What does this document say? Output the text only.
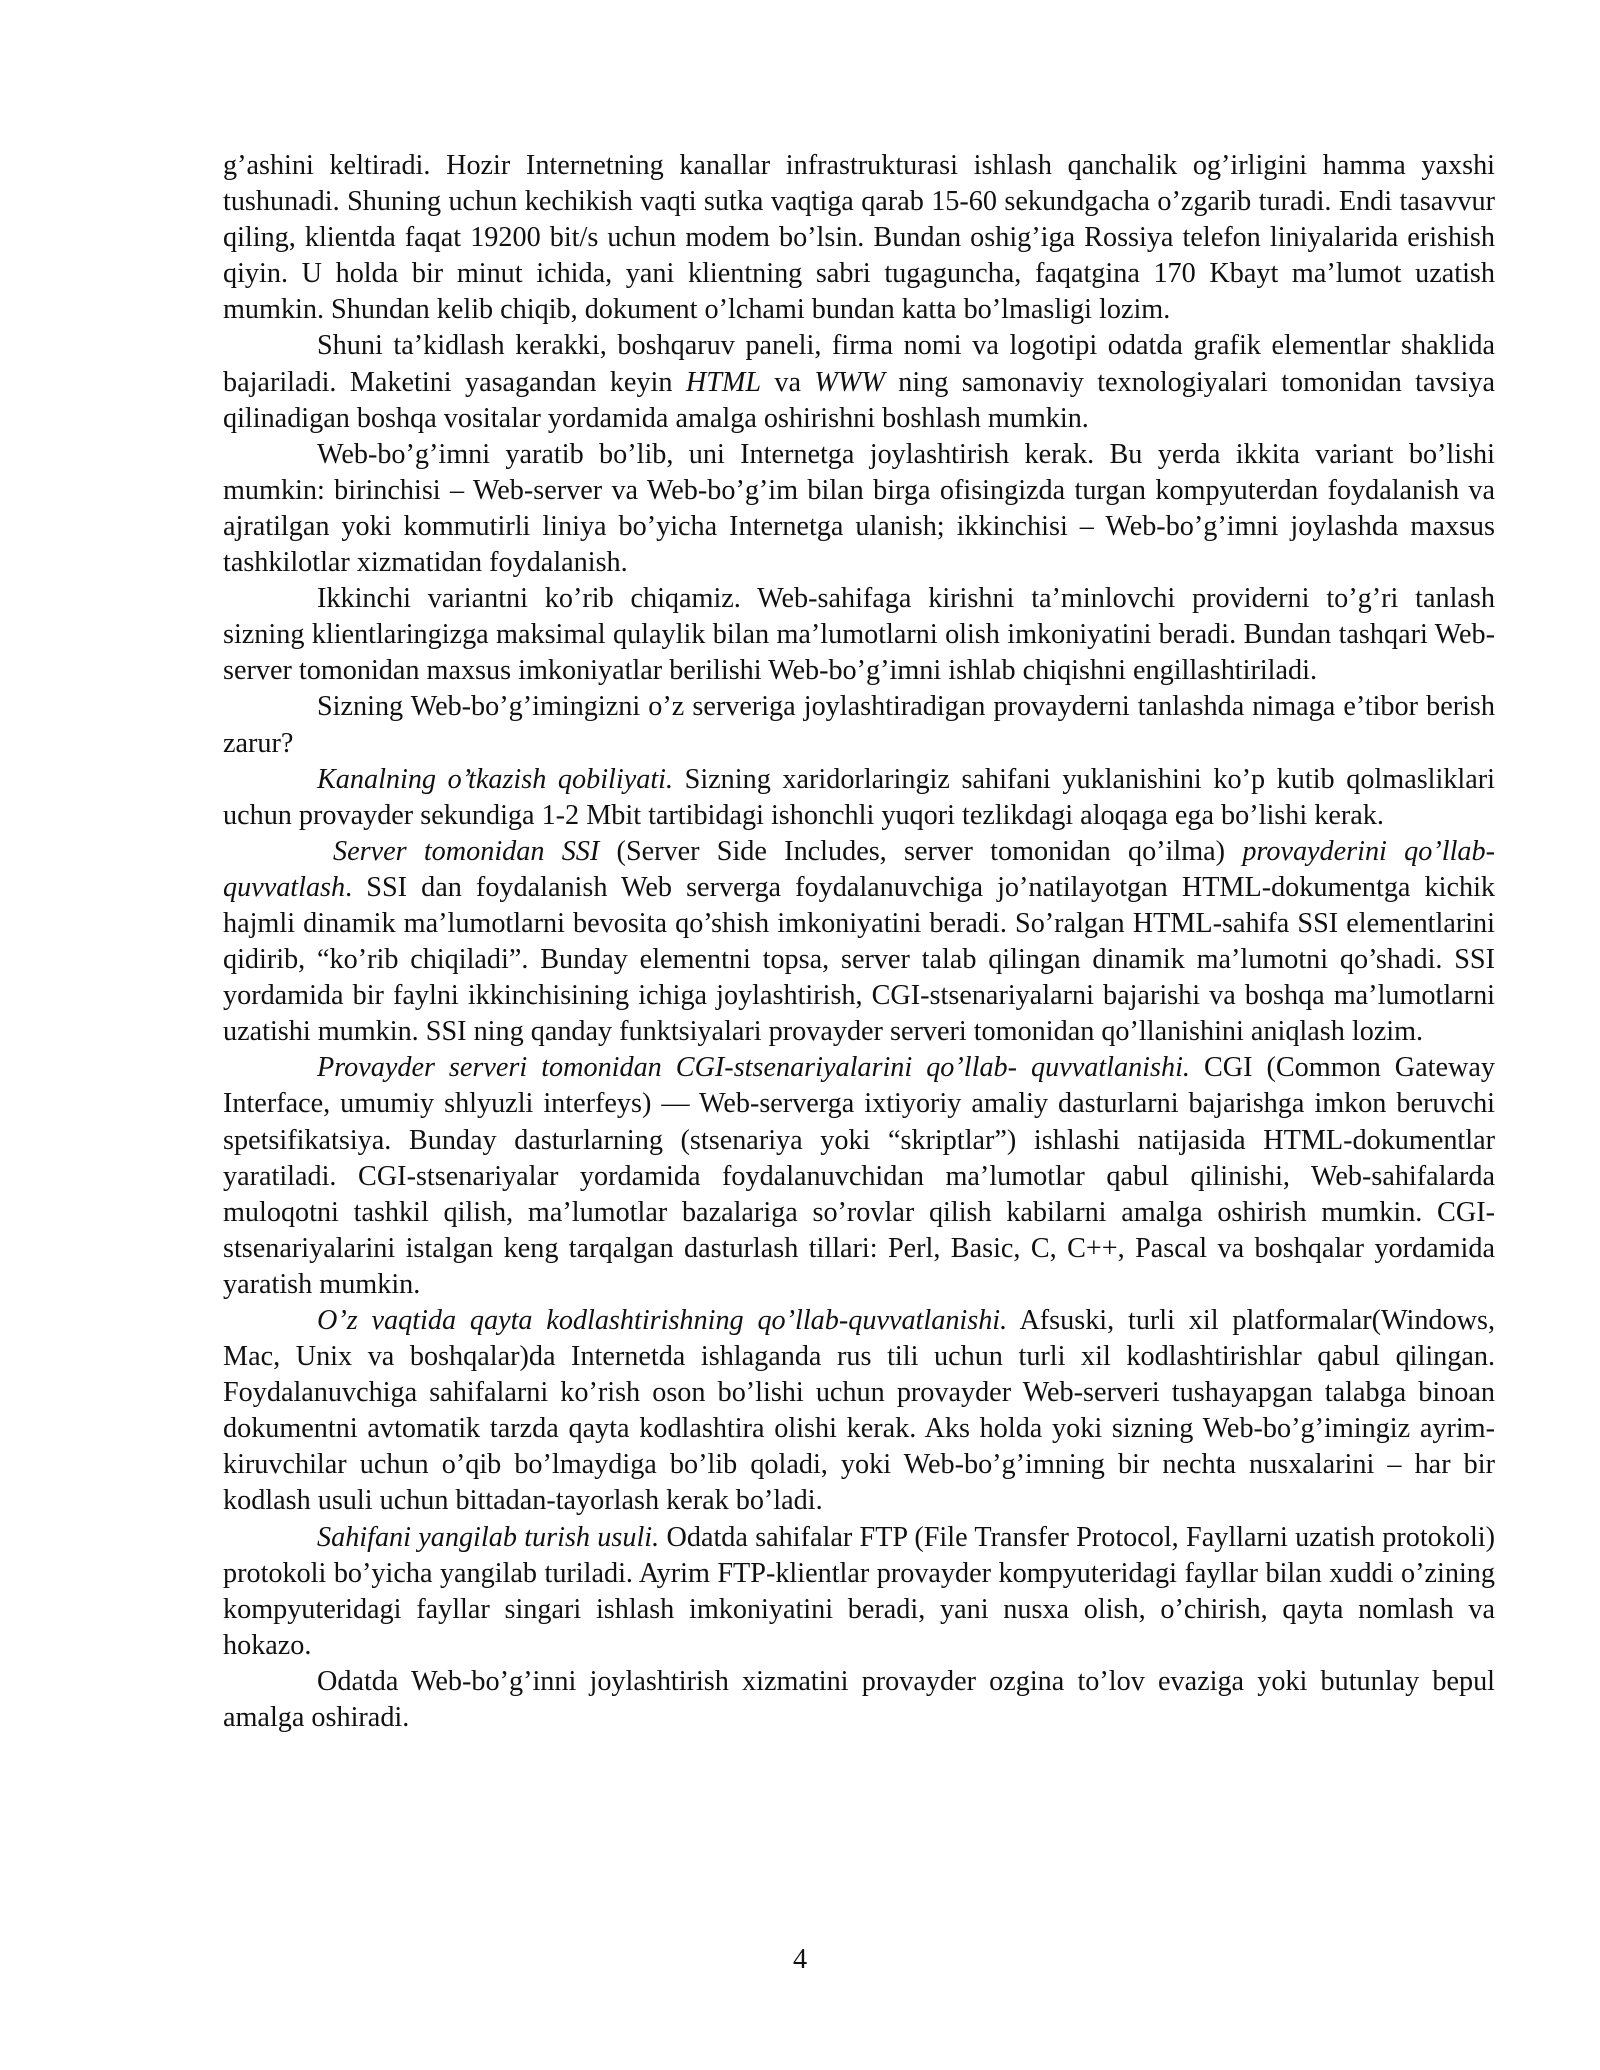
g’ashini keltiradi. Hozir Internetning kanallar infrastrukturasi ishlash qanchalik og’irligini hamma yaxshi tushunadi. Shuning uchun kechikish vaqti sutka vaqtiga qarab 15-60 sekundgacha o’zgarib turadi. Endi tasavvur qiling, klientda faqat 19200 bit/s uchun modem bo’lsin. Bundan oshig’iga Rossiya telefon liniyalarida erishish qiyin. U holda bir minut ichida, yani klientning sabri tugaguncha, faqatgina 170 Kbayt ma’lumot uzatish mumkin. Shundan kelib chiqib, dokument o’lchami bundan katta bo’lmasligi lozim.

Shuni ta’kidlash kerakki, boshqaruv paneli, firma nomi va logotipi odatda grafik elementlar shaklida bajariladi. Maketini yasagandan keyin HTML va WWW ning samonaviy texnologiyalari tomonidan tavsiya qilinadigan boshqa vositalar yordamida amalga oshirishni boshlash mumkin.

Web-bo’g’imni yaratib bo’lib, uni Internetga joylashtirish kerak. Bu yerda ikkita variant bo’lishi mumkin: birinchisi – Web-server va Web-bo’g’im bilan birga ofisingizda turgan kompyuterdan foydalanish va ajratilgan yoki kommutirli liniya bo’yicha Internetga ulanish; ikkinchisi – Web-bo’g’imni joylashda maxsus tashkilotlar xizmatidan foydalanish.

Ikkinchi variantni ko’rib chiqamiz. Web-sahifaga kirishni ta’minlovchi providerni to’g’ri tanlash sizning klientlaringizga maksimal qulaylik bilan ma’lumotlarni olish imkoniyatini beradi. Bundan tashqari Web-server tomonidan maxsus imkoniyatlar berilishi Web-bo’g’imni ishlab chiqishni engillashtiriladi.

Sizning Web-bo’g’imingizni o’z serveriga joylashtiradigan provayderni tanlashda nimaga e’tibor berish zarur?

Kanalning o’tkazish qobiliyati. Sizning xaridorlaringiz sahifani yuklanishini ko’p kutib qolmasliklari uchun provayder sekundiga 1-2 Mbit tartibidagi ishonchli yuqori tezlikdagi aloqaga ega bo’lishi kerak.

Server tomonidan SSI (Server Side Includes, server tomonidan qo’ilma) provayderini qo’llab-quvvatlash. SSI dan foydalanish Web serverga foydalanuvchiga jo’natilayotgan HTML-dokumentga kichik hajmli dinamik ma’lumotlarni bevosita qo’shish imkoniyatini beradi. So’ralgan HTML-sahifa SSI elementlarini qidirib, “ko’rib chiqiladi”. Bunday elementni topsa, server talab qilingan dinamik ma’lumotni qo’shadi. SSI yordamida bir faylni ikkinchisining ichiga joylashtirish, CGI-stsenariyalarni bajarishi va boshqa ma’lumotlarni uzatishi mumkin. SSI ning qanday funktsiyalari provayder serveri tomonidan qo’llanishini aniqlash lozim.

Provayder serveri tomonidan CGI-stsenariyalarini qo’llab- quvvatlanishi. CGI (Common Gateway Interface, umumiy shlyuzli interfeys) — Web-serverga ixtiyoriy amaliy dasturlarni bajarishga imkon beruvchi spetsifikatsiya. Bunday dasturlarning (stsenariya yoki “skriptlar”) ishlashi natijasida HTML-dokumentlar yaratiladi. CGI-stsenariyalar yordamida foydalanuvchidan ma’lumotlar qabul qilinishi, Web-sahifalarda muloqotni tashkil qilish, ma’lumotlar bazalariga so’rovlar qilish kabilarni amalga oshirish mumkin. CGI-stsenariyalarini istalgan keng tarqalgan dasturlash tillari: Perl, Basic, C, C++, Pascal va boshqalar yordamida yaratish mumkin.

O’z vaqtida qayta kodlashtirishning qo’llab-quvvatlanishi. Afsuski, turli xil platformalar(Windows, Mac, Unix va boshqalar)da Internetda ishlaganda rus tili uchun turli xil kodlashtirishlar qabul qilingan. Foydalanuvchiga sahifalarni ko’rish oson bo’lishi uchun provayder Web-serveri tushayapgan talabga binoan dokumentni avtomatik tarzda qayta kodlashtira olishi kerak. Aks holda yoki sizning Web-bo’g’imingiz ayrim- kiruvchilar uchun o’qib bo’lmaydiga bo’lib qoladi, yoki Web-bo’g’imning bir nechta nusxalarini – har bir kodlash usuli uchun bittadan-tayorlash kerak bo’ladi.

Sahifani yangilab turish usuli. Odatda sahifalar FTP (File Transfer Protocol, Fayllarni uzatish protokoli) protokoli bo’yicha yangilab turiladi. Ayrim FTP-klientlar provayder kompyuteridagi fayllar bilan xuddi o’zining kompyuteridagi fayllar singari ishlash imkoniyatini beradi, yani nusxa olish, o’chirish, qayta nomlash va hokazo.

Odatda Web-bo’g’inni joylashtirish xizmatini provayder ozgina to’lov evaziga yoki butunlay bepul amalga oshiradi.

4
